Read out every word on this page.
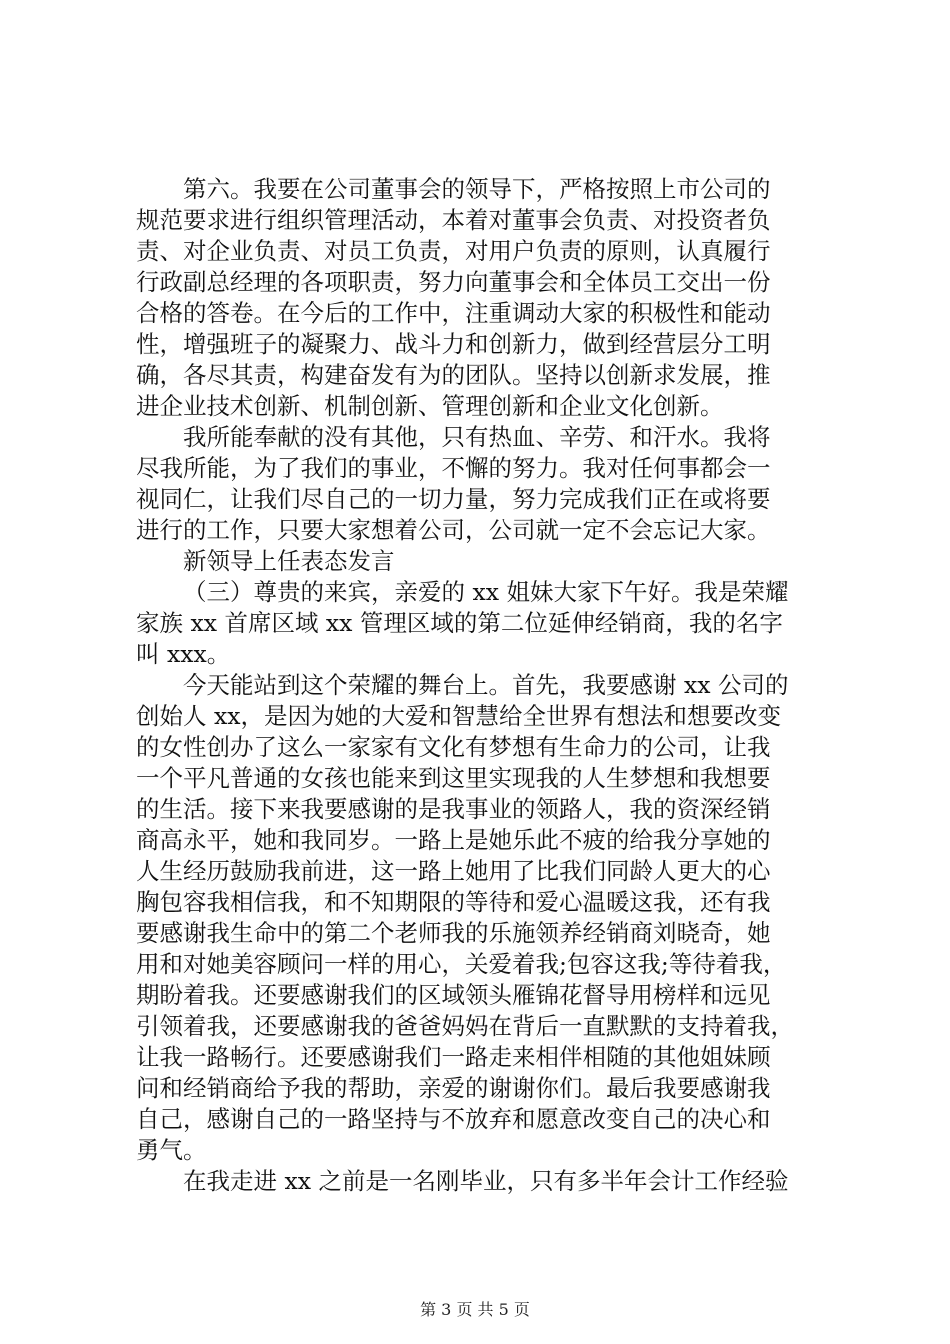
第六。我要在公司董事会的领导下，严格按照上市公司的
规范要求进行组织管理活动，本着对董事会负责、对投资者负
责、对企业负责、对员工负责，对用户负责的原则，认真履行
行政副总经理的各项职责，努力向董事会和全体员工交出一份
合格的答卷。在今后的工作中，注重调动大家的积极性和能动
性，增强班子的凝聚力、战斗力和创新力，做到经营层分工明
确，各尽其责，构建奋发有为的团队。坚持以创新求发展，推
进企业技术创新、机制创新、管理创新和企业文化创新。
我所能奉献的没有其他，只有热血、辛劳、和汗水。我将
尽我所能，为了我们的事业，不懈的努力。我对任何事都会一
视同仁，让我们尽自己的一切力量，努力完成我们正在或将要
进行的工作，只要大家想着公司，公司就一定不会忘记大家。
新领导上任表态发言
（三）尊贵的来宾，亲爱的 xx 姐妹大家下午好。我是荣耀
家族 xx 首席区域 xx 管理区域的第二位延伸经销商，我的名字
叫 xxx。
今天能站到这个荣耀的舞台上。首先，我要感谢 xx 公司的
创始人 xx，是因为她的大爱和智慧给全世界有想法和想要改变
的女性创办了这么一家家有文化有梦想有生命力的公司，让我
一个平凡普通的女孩也能来到这里实现我的人生梦想和我想要
的生活。接下来我要感谢的是我事业的领路人，我的资深经销
商高永平，她和我同岁。一路上是她乐此不疲的给我分享她的
人生经历鼓励我前进，这一路上她用了比我们同龄人更大的心
胸包容我相信我，和不知期限的等待和爱心温暖这我，还有我
要感谢我生命中的第二个老师我的乐施领养经销商刘晓奇，她
用和对她美容顾问一样的用心，关爱着我;包容这我;等待着我，
期盼着我。还要感谢我们的区域领头雁锦花督导用榜样和远见
引领着我，还要感谢我的爸爸妈妈在背后一直默默的支持着我，
让我一路畅行。还要感谢我们一路走来相伴相随的其他姐妹顾
问和经销商给予我的帮助，亲爱的谢谢你们。最后我要感谢我
自己，感谢自己的一路坚持与不放弃和愿意改变自己的决心和
勇气。
在我走进 xx 之前是一名刚毕业，只有多半年会计工作经验
第 3 页 共 5 页
